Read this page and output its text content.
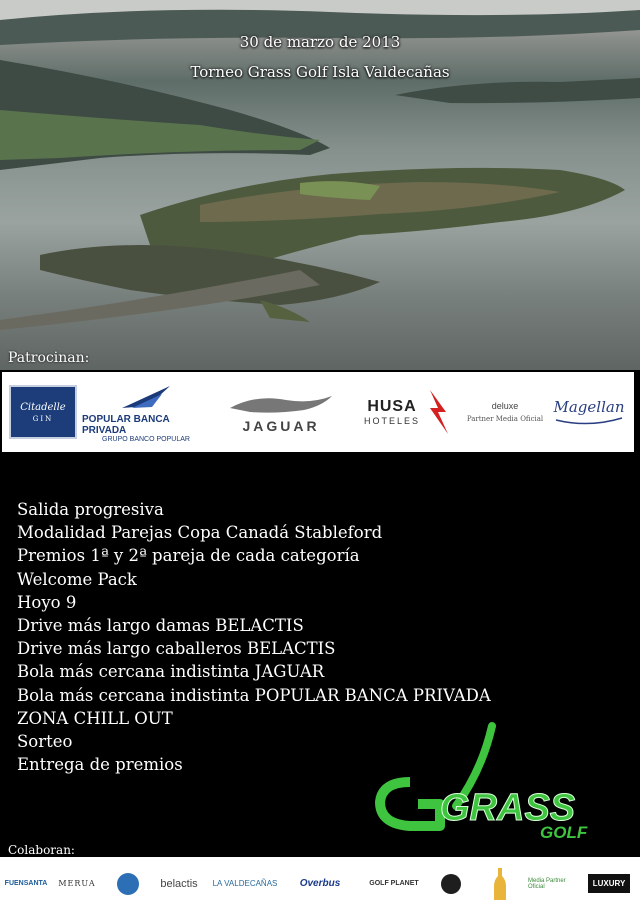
30 de marzo de 2013
Torneo Grass Golf Isla Valdecañas
Patrocinan:
Citadelle
GIN	POPULAR BANCA PRIVADA
GRUPO BANCO POPULAR
JAGUAR
HUSA
HOTELES
deluxe
Partner Media Oficial
Magellan
Salida progresiva
Modalidad Parejas Copa Canadá Stableford
Premios 1ª y 2ª pareja de cada categoría
Welcome Pack
Hoyo 9
Drive más largo damas BELACTIS
Drive más largo caballeros BELACTIS
Bola más cercana indistinta JAGUAR
Bola más cercana indistinta POPULAR BANCA PRIVADA
ZONA CHILL OUT
Sorteo
Entrega de premios
GRASS
GOLF
Colaboran:
FUENSANTA MERUA	belactis LA VALDECAÑAS Overbus	GOLF PLANET	Media Partner Oficial	LUXURY
